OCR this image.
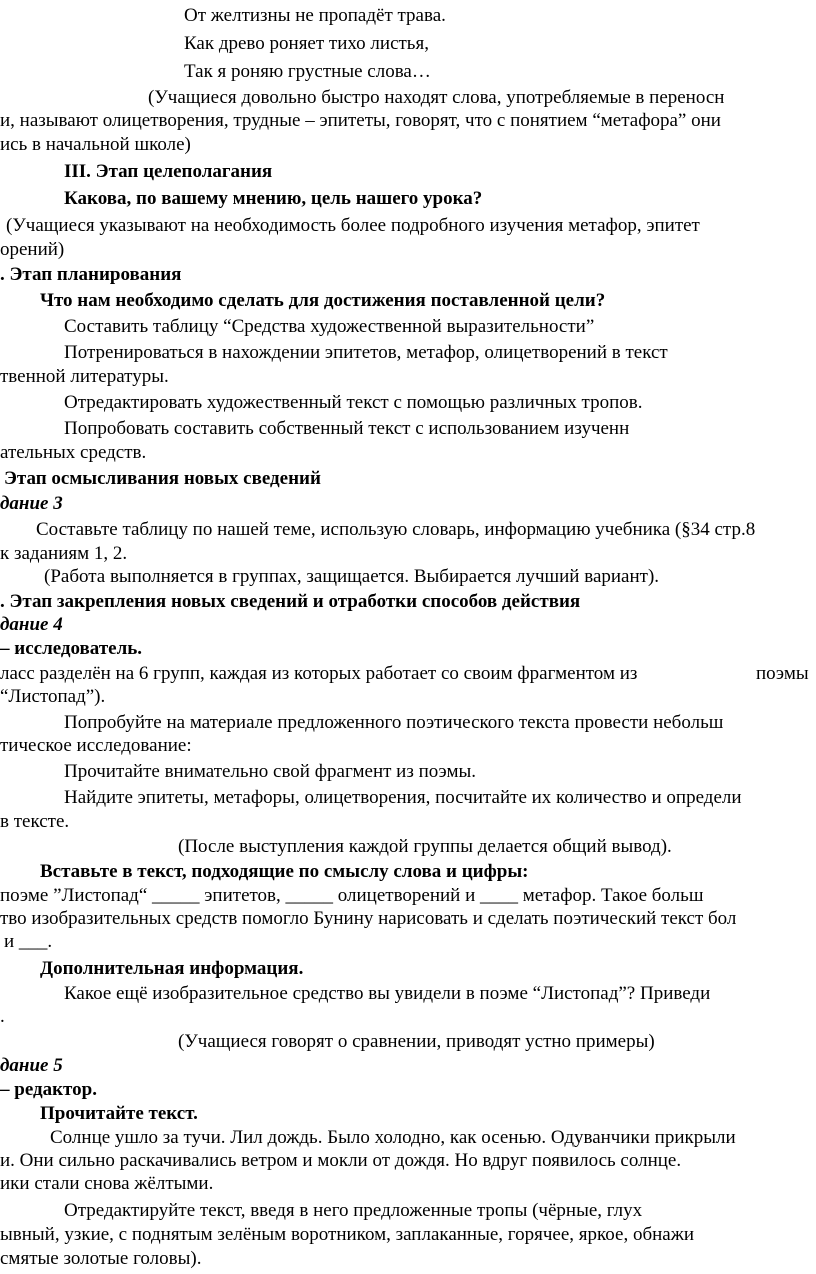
От желтизны не пропадёт трава.
Как древо роняет тихо листья,
Так я роняю грустные слова…
(Учащиеся довольно быстро находят слова, употребляемые в переносн
и, называют олицетворения, трудные – эпитеты, говорят, что с понятием “метафора” они
ись в начальной школе)
III. Этап целеполагания
Какова, по вашему мнению, цель нашего урока?
(Учащиеся указывают на необходимость более подробного изучения метафор, эпитет
орений)
. Этап планирования
Что нам необходимо сделать для достижения поставленной цели?
Составить таблицу “Средства художественной выразительности”
Потренироваться в нахождении эпитетов, метафор, олицетворений в текст
твенной литературы.
Отредактировать художественный текст с помощью различных тропов.
Попробовать составить собственный текст с использованием изученн
ательных средств.
Этап осмысливания новых сведений
дание 3
Составьте таблицу по нашей теме, использую словарь, информацию учебника (§34 стр.8
к заданиям 1, 2.
(Работа выполняется в группах, защищается. Выбирается лучший вариант).
. Этап закрепления новых сведений и отработки способов действия
дание 4
– исследователь.
ласс разделён на 6 групп, каждая из которых работает со своим фрагментом из	поэмы
“Листопад”).
Попробуйте на материале предложенного поэтического текста провести небольш
тическое исследование:
Прочитайте внимательно свой фрагмент из поэмы.
Найдите эпитеты, метафоры, олицетворения, посчитайте их количество и определи
в тексте.
(После выступления каждой группы делается общий вывод).
Вставьте в текст, подходящие по смыслу слова и цифры:
поэме ”Листопад“ _____ эпитетов, _____ олицетворений и ____ метафор. Такое больш
тво изобразительных средств помогло Бунину нарисовать и сделать поэтический текст бол
и ___.
Дополнительная информация.
Какое ещё изобразительное средство вы увидели в поэме “Листопад”? Приведи
.
(Учащиеся говорят о сравнении, приводят устно примеры)
дание 5
– редактор.
Прочитайте текст.
Солнце ушло за тучи. Лил дождь. Было холодно, как осенью. Одуванчики прикрыли
и. Они сильно раскачивались ветром и мокли от дождя. Но вдруг появилось солнце.
ики стали снова жёлтыми.
Отредактируйте текст, введя в него предложенные тропы (чёрные, глух
ывный, узкие, с поднятым зелёным воротником, заплаканные, горячее, яркое, обнажи
смятые золотые головы).
